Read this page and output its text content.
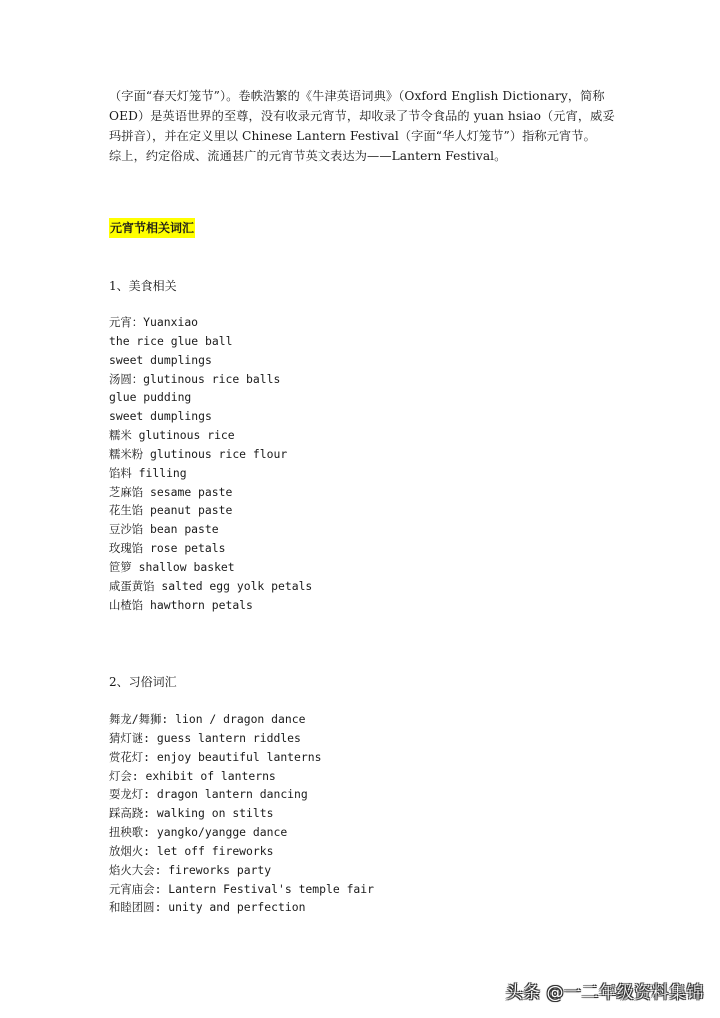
（字面“春天灯笼节”）。卷帙浩繁的《牛津英语词典》（Oxford English Dictionary，简称 OED）是英语世界的至尊，没有收录元宵节，却收录了节令食品的 yuan hsiao（元宵，威妥玛拼音），并在定义里以 Chinese Lantern Festival（字面“华人灯笼节”）指称元宵节。

综上，约定俗成、流通甚广的元宵节英文表达为——Lantern Festival。

元宵节相关词汇
1、美食相关
元宵：Yuanxiao
the rice glue ball
sweet dumplings
汤圆：glutinous rice balls
glue pudding
sweet dumplings
糯米 glutinous rice
糯米粉 glutinous rice flour
馅料 filling
芝麻馅 sesame paste
花生馅 peanut paste
豆沙馅 bean paste
玫瑰馅 rose petals
笸箩 shallow basket
咸蛋黄馅 salted egg yolk petals
山楂馅 hawthorn petals
2、习俗词汇
舞龙/舞狮: lion / dragon dance
猜灯谜: guess lantern riddles
赏花灯: enjoy beautiful lanterns
灯会: exhibit of lanterns
耍龙灯: dragon lantern dancing
踩高跷: walking on stilts
扭秧歌: yangko/yangge dance
放烟火: let off fireworks
焰火大会: fireworks party
元宵庙会: Lantern Festival's temple fair
和睦团圆: unity and perfection
头条 @一二年级资料集锦
